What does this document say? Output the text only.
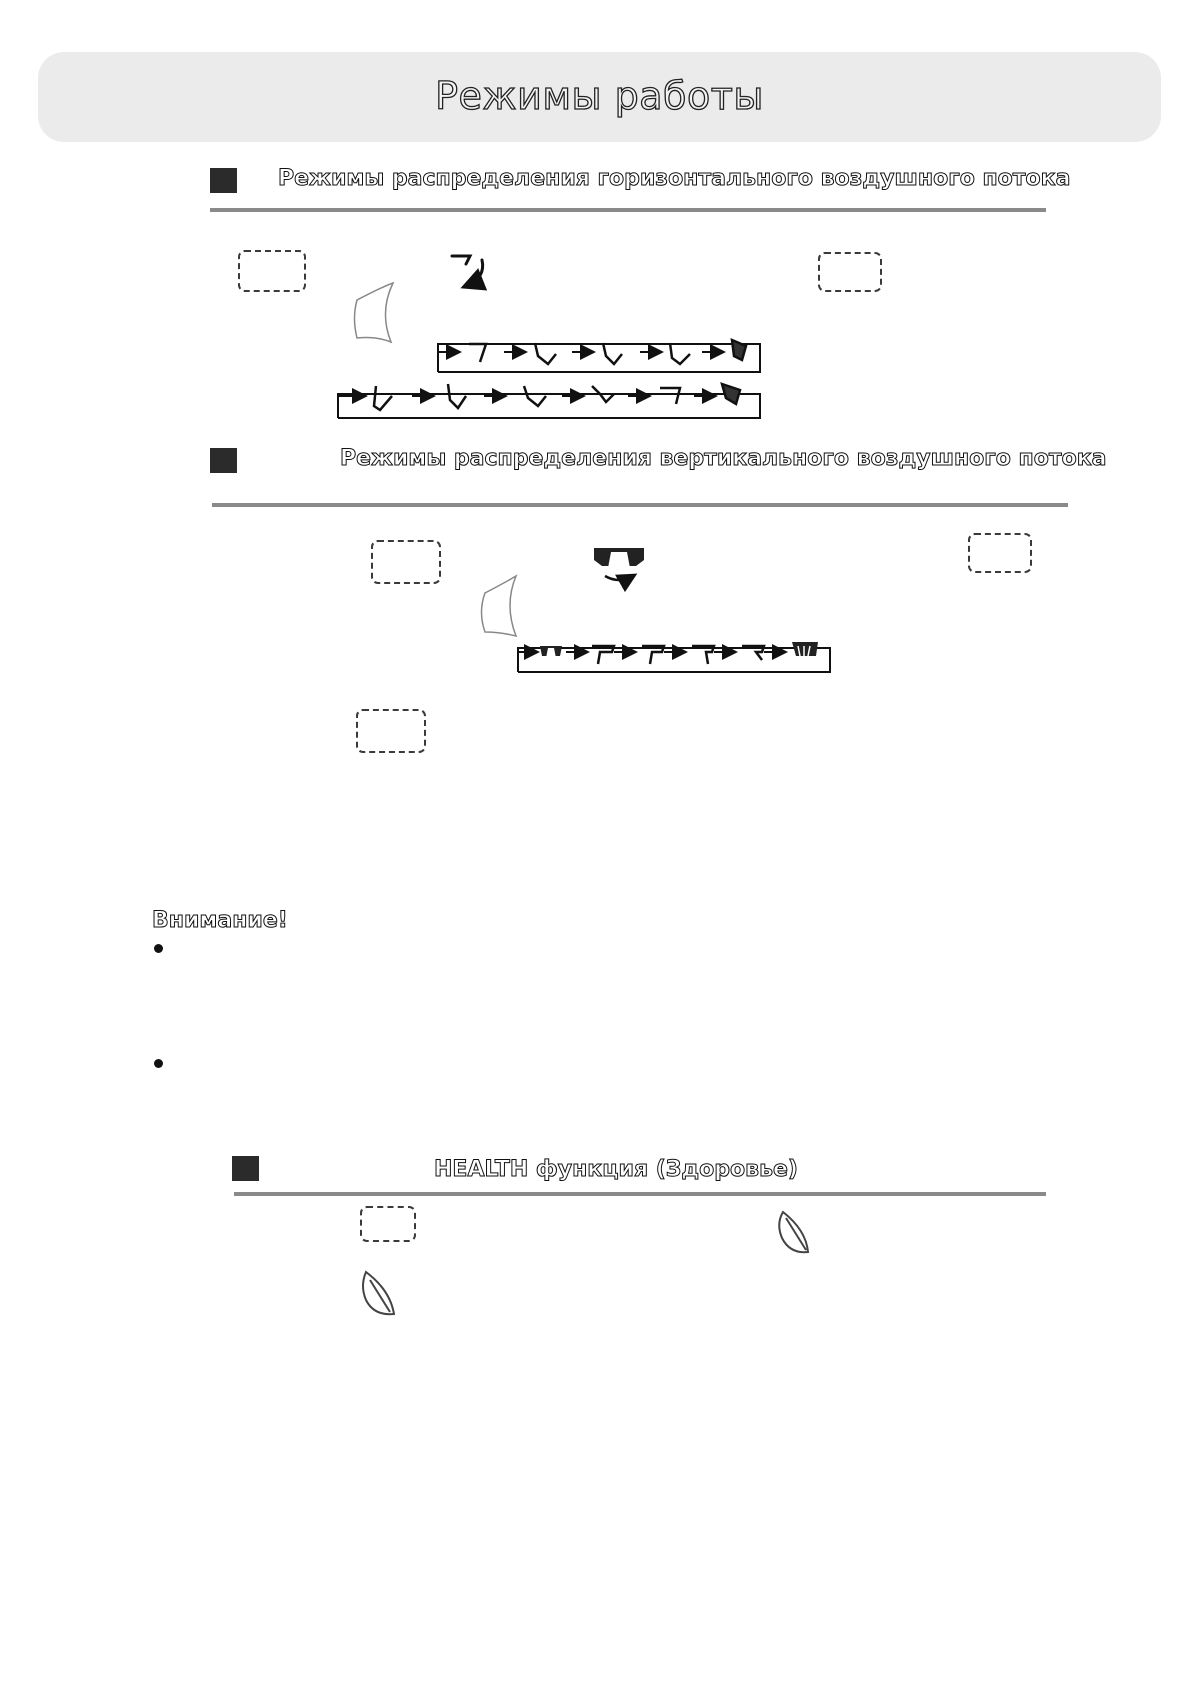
Режимы работы
Режимы распределения горизонтального воздушного потока
Режимы распределения вертикального воздушного потока
Внимание!
HEALTH функция (Здоровье)
